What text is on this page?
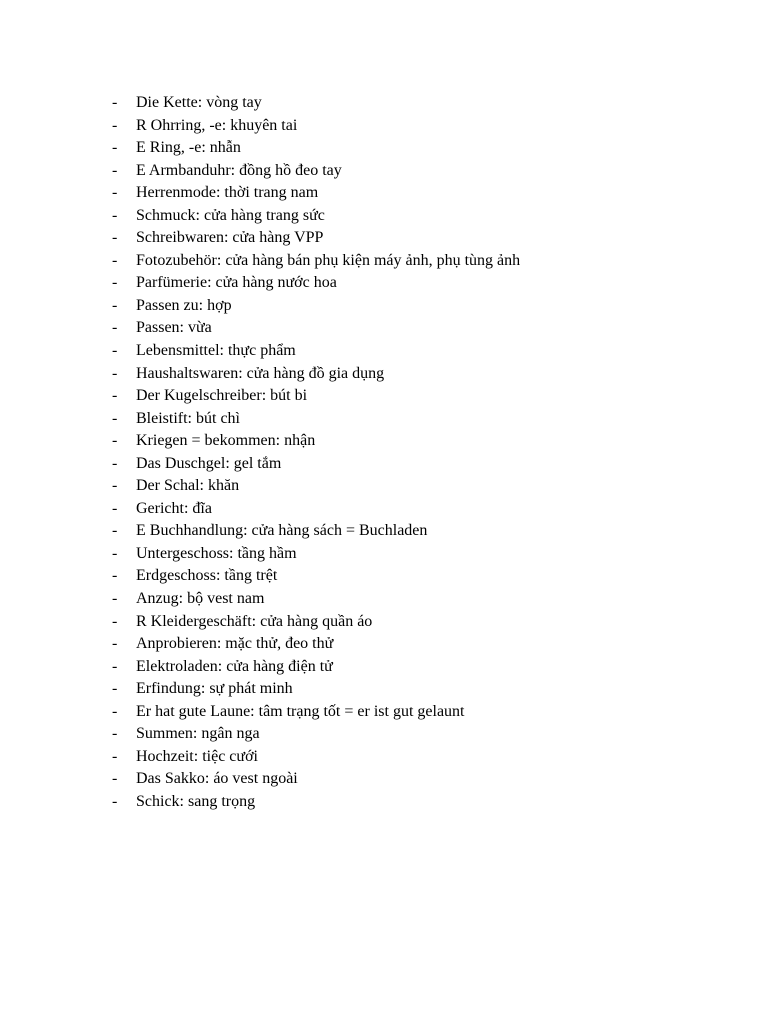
-	Die Kette: vòng tay
-	R Ohrring, -e: khuyên tai
-	E Ring, -e: nhẫn
-	E Armbanduhr: đồng hồ đeo tay
-	Herrenmode: thời trang nam
-	Schmuck: cửa hàng trang sức
-	Schreibwaren: cửa hàng VPP
-	Fotozubehör: cửa hàng bán phụ kiện máy ảnh, phụ tùng ảnh
-	Parfümerie: cửa hàng nước hoa
-	Passen zu: hợp
-	Passen: vừa
-	Lebensmittel: thực phẩm
-	Haushaltswaren: cửa hàng đồ gia dụng
-	Der Kugelschreiber: bút bi
-	Bleistift: bút chì
-	Kriegen = bekommen: nhận
-	Das Duschgel: gel tắm
-	Der Schal: khăn
-	Gericht: đĩa
-	E Buchhandlung: cửa hàng sách = Buchladen
-	Untergeschoss: tầng hầm
-	Erdgeschoss: tầng trệt
-	Anzug: bộ vest nam
-	R Kleidergeschäft: cửa hàng quần áo
-	Anprobieren: mặc thử, đeo thử
-	Elektroladen: cửa hàng điện tử
-	Erfindung: sự phát minh
-	Er hat gute Laune: tâm trạng tốt = er ist gut gelaunt
-	Summen: ngân nga
-	Hochzeit: tiệc cưới
-	Das Sakko: áo vest ngoài
-	Schick: sang trọng
